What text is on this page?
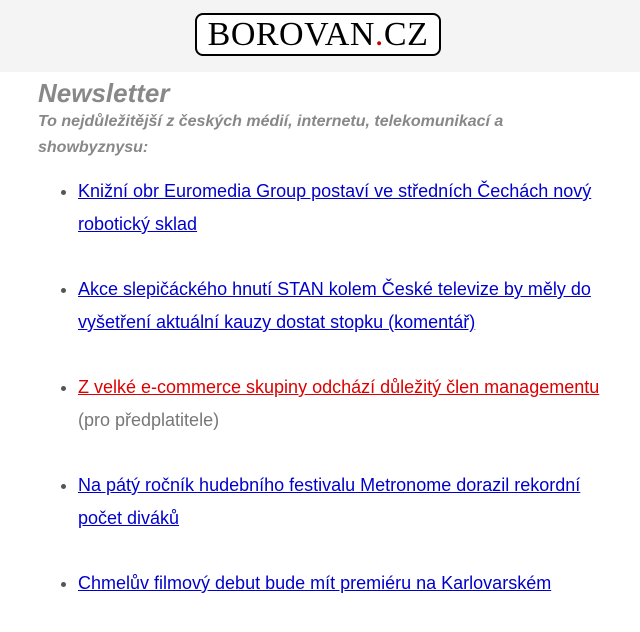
BOROVAN . CZ
Newsletter

To nejdůležitější z českých médií, internetu, telekomunikací a showbyznysu:

• Knižní obr Euromedia Group postaví ve středních Čechách nový robotický sklad
• Akce slepičáckého hnutí STAN kolem České televize by měly do vyšetření aktuální kauzy dostat stopku (komentář)
• Z velké e-commerce skupiny odchází důležitý člen managementu (pro předplatitele)
• Na pátý ročník hudebního festivalu Metronome dorazil rekordní počet diváků
• Chmelův filmový debut bude mít premiéru na Karlovarském
